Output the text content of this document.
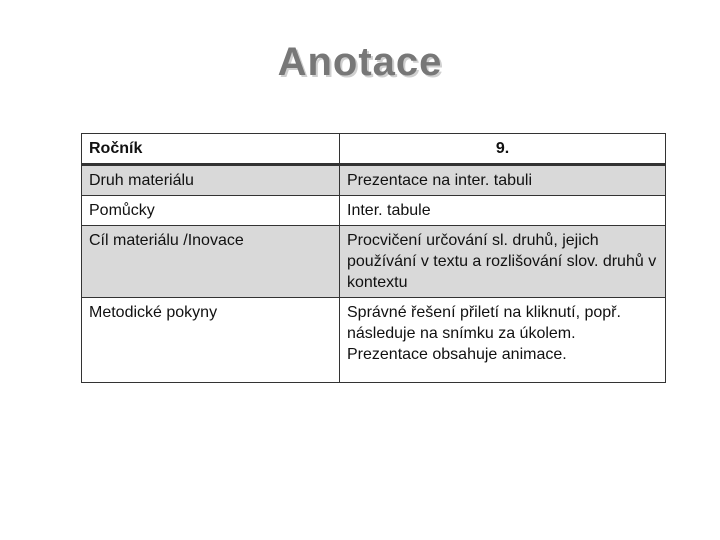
Anotace
Ročník	9.
Druh materiálu	Prezentace na inter. tabuli
Pomůcky	Inter. tabule
Cíl materiálu /Inovace	Procvičení určování sl. druhů, jejich používání v textu a rozlišování slov. druhů v kontextu
Metodické pokyny	Správné řešení přiletí na kliknutí, popř. následuje na snímku za úkolem. Prezentace obsahuje animace.
